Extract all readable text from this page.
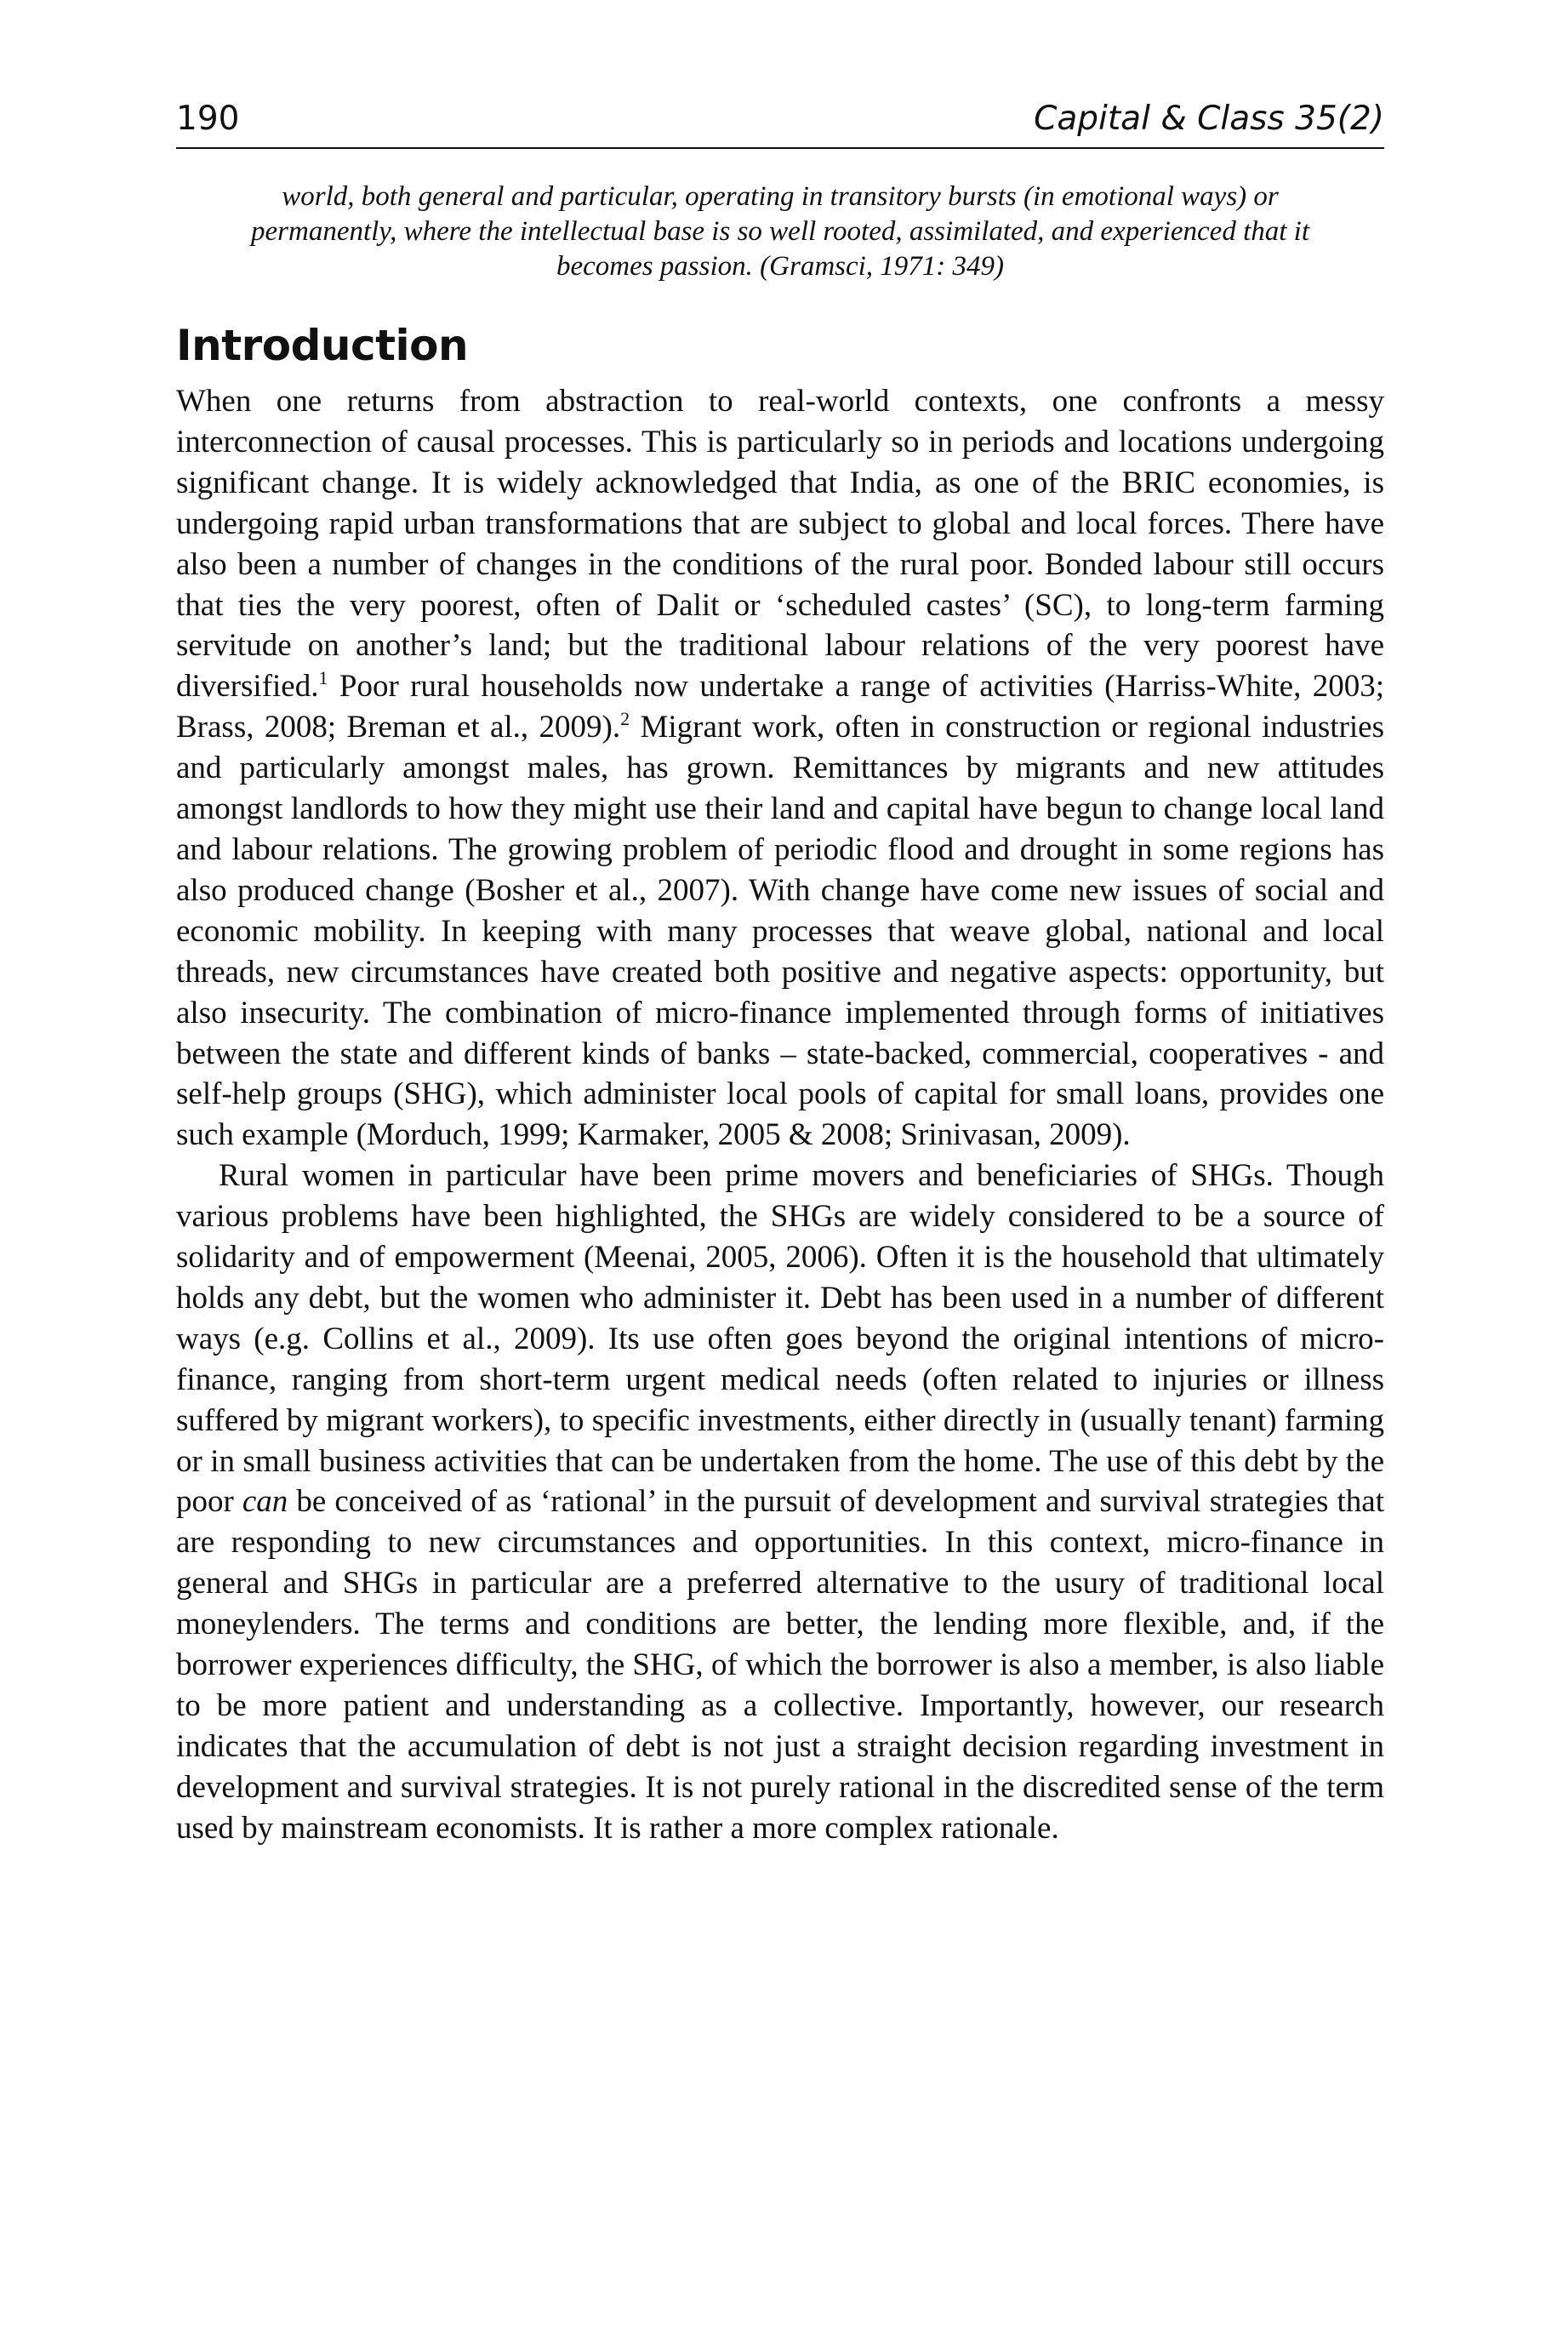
190	Capital & Class 35(2)
world, both general and particular, operating in transitory bursts (in emotional ways) or
permanently, where the intellectual base is so well rooted, assimilated, and experienced that it
becomes passion. (Gramsci, 1971: 349)
Introduction

When one returns from abstraction to real-world contexts, one confronts a messy interconnection of causal processes. This is particularly so in periods and locations undergoing significant change. It is widely acknowledged that India, as one of the BRIC economies, is undergoing rapid urban transformations that are subject to global and local forces. There have also been a number of changes in the conditions of the rural poor. Bonded labour still occurs that ties the very poorest, often of Dalit or ‘scheduled castes’ (SC), to long-term farming servitude on another’s land; but the traditional labour relations of the very poorest have diversified.$^1$ Poor rural households now undertake a range of activities (Harriss-White, 2003; Brass, 2008; Breman et al., 2009).$^2$ Migrant work, often in construction or regional industries and particularly amongst males, has grown. Remittances by migrants and new attitudes amongst landlords to how they might use their land and capital have begun to change local land and labour relations. The growing problem of periodic flood and drought in some regions has also produced change (Bosher et al., 2007). With change have come new issues of social and economic mobility. In keeping with many processes that weave global, national and local threads, new circumstances have created both positive and negative aspects: opportunity, but also insecurity. The combination of micro-finance implemented through forms of initiatives between the state and different kinds of banks – state-backed, commercial, cooperatives - and self-help groups (SHG), which administer local pools of capital for small loans, provides one such example (Morduch, 1999; Karmaker, 2005 & 2008; Srinivasan, 2009).

Rural women in particular have been prime movers and beneficiaries of SHGs. Though various problems have been highlighted, the SHGs are widely considered to be a source of solidarity and of empowerment (Meenai, 2005, 2006). Often it is the household that ultimately holds any debt, but the women who administer it. Debt has been used in a number of different ways (e.g. Collins et al., 2009). Its use often goes beyond the original intentions of micro-finance, ranging from short-term urgent medical needs (often related to injuries or illness suffered by migrant workers), to specific investments, either directly in (usually tenant) farming or in small business activities that can be undertaken from the home. The use of this debt by the poor can be conceived of as ‘rational’ in the pursuit of development and survival strategies that are responding to new circumstances and opportunities. In this context, micro-finance in general and SHGs in particular are a preferred alternative to the usury of traditional local moneylenders. The terms and conditions are better, the lending more flexible, and, if the borrower experiences difficulty, the SHG, of which the borrower is also a member, is also liable to be more patient and understanding as a collective. Importantly, however, our research indicates that the accumulation of debt is not just a straight decision regarding investment in development and survival strategies. It is not purely rational in the discredited sense of the term used by mainstream economists. It is rather a more complex rationale.
